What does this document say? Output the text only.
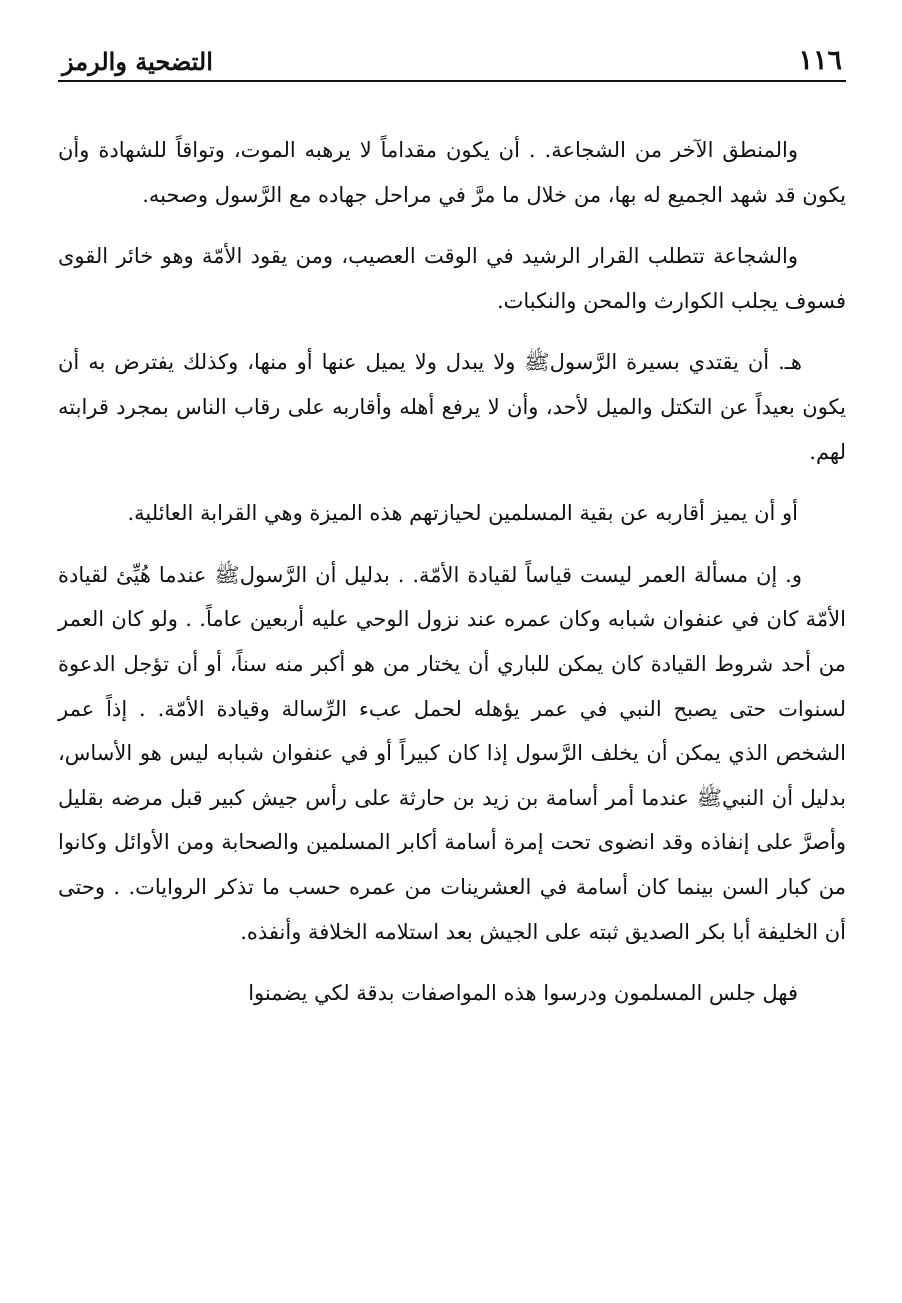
١١٦
التضحية والرمز

والمنطق الآخر من الشجاعة. . أن يكون مقداماً لا يرهبه الموت، وتواقاً للشهادة وأن يكون قد شهد الجميع له بها، من خلال ما مرَّ في مراحل جهاده مع الرَّسول وصحبه.

والشجاعة تتطلب القرار الرشيد في الوقت العصيب، ومن يقود الأمّة وهو خائر القوى فسوف يجلب الكوارث والمحن والنكبات.

هـ. أن يقتدي بسيرة الرَّسولﷺ ولا يبدل ولا يميل عنها أو منها، وكذلك يفترض به أن يكون بعيداً عن التكتل والميل لأحد، وأن لا يرفع أهله وأقاربه على رقاب الناس بمجرد قرابته لهم.

أو أن يميز أقاربه عن بقية المسلمين لحيازتهم هذه الميزة وهي القرابة العائلية.

و. إن مسألة العمر ليست قياساً لقيادة الأمّة. . بدليل أن الرَّسولﷺ عندما هُيِّئ لقيادة الأمّة كان في عنفوان شبابه وكان عمره عند نزول الوحي عليه أربعين عاماً. . ولو كان العمر من أحد شروط القيادة كان يمكن للباري أن يختار من هو أكبر منه سناً، أو أن تؤجل الدعوة لسنوات حتى يصبح النبي في عمر يؤهله لحمل عبء الرِّسالة وقيادة الأمّة. . إذاً عمر الشخص الذي يمكن أن يخلف الرَّسول إذا كان كبيراً أو في عنفوان شبابه ليس هو الأساس، بدليل أن النبيﷺ عندما أمر أسامة بن زيد بن حارثة على رأس جيش كبير قبل مرضه بقليل وأصرَّ على إنفاذه وقد انضوى تحت إمرة أسامة أكابر المسلمين والصحابة ومن الأوائل وكانوا من كبار السن بينما كان أسامة في العشرينات من عمره حسب ما تذكر الروايات. . وحتى أن الخليفة أبا بكر الصديق ثبته على الجيش بعد استلامه الخلافة وأنفذه.

فهل جلس المسلمون ودرسوا هذه المواصفات بدقة لكي يضمنوا
